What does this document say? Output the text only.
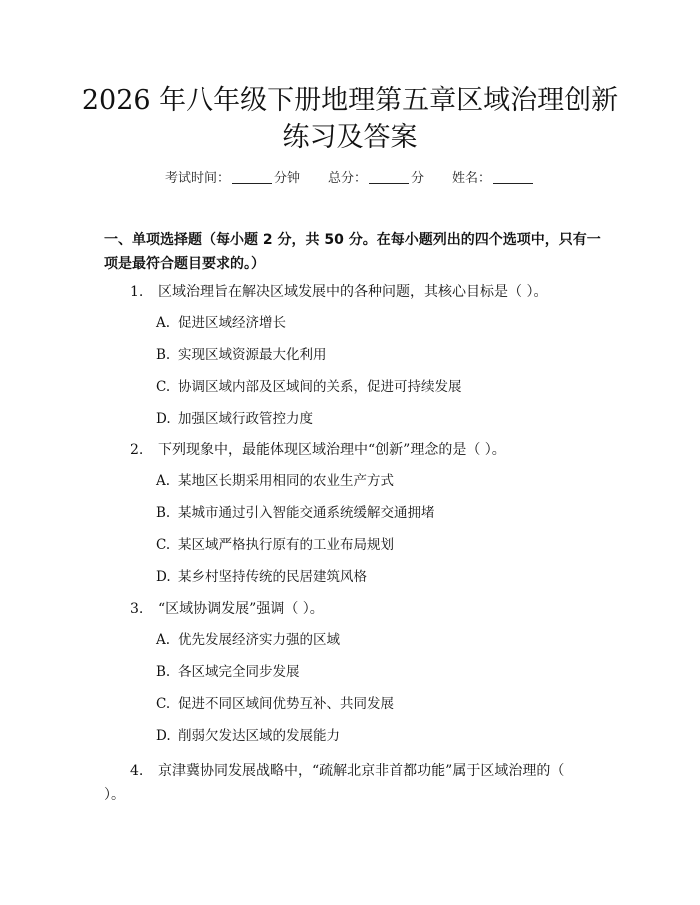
2026 年八年级下册地理第五章区域治理创新
练习及答案
考试时间：	分钟 总分：	分 姓名：
一、单项选择题（每小题 2 分，共 50 分。在每小题列出的四个选项中，只有一项是最符合题目要求的。）
1. 区域治理旨在解决区域发展中的各种问题，其核心目标是（ ）。
A. 促进区域经济增长
B. 实现区域资源最大化利用
C. 协调区域内部及区域间的关系，促进可持续发展
D. 加强区域行政管控力度
2. 下列现象中，最能体现区域治理中“创新”理念的是（ ）。
A. 某地区长期采用相同的农业生产方式
B. 某城市通过引入智能交通系统缓解交通拥堵
C. 某区域严格执行原有的工业布局规划
D. 某乡村坚持传统的民居建筑风格
3. “区域协调发展”强调（ ）。
A. 优先发展经济实力强的区域
B. 各区域完全同步发展
C. 促进不同区域间优势互补、共同发展
D. 削弱欠发达区域的发展能力
4. 京津冀协同发展战略中，“疏解北京非首都功能”属于区域治理的（ ）。
